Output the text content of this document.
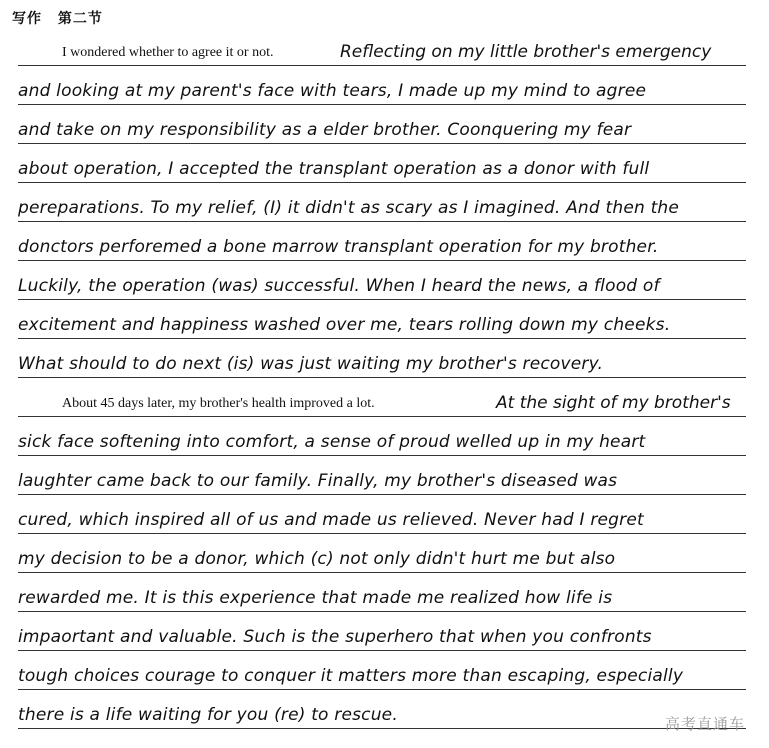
写作 第二节
I wondered whether to agree it or not.	Reflecting on my little brother's emergency
and looking at my parent's face with tears, I made up my mind to agree
and take on my responsibility as a elder brother. Coonquering my fear
about operation, I accepted the transplant operation as a donor with full
pereparations. To my relief, (I) it didn't as scary as I imagined. And then the
donctors perforemed a bone marrow transplant operation for my brother.
Luckily, the operation (was) successful. When I heard the news, a flood of
excitement and happiness washed over me, tears rolling down my cheeks.
What should to do next (is) was just waiting my brother's recovery.
About 45 days later, my brother's health improved a lot.	At the sight of my brother's
sick face softening into comfort, a sense of proud welled up in my heart
laughter came back to our family. Finally, my brother's diseased was
cured, which inspired all of us and made us relieved. Never had I regret
my decision to be a donor, which (c) not only didn't hurt me but also
rewarded me. It is this experience that made me realized how life is
impaortant and valuable. Such is the superhero that when you confronts
tough choices courage to conquer it matters more than escaping, especially
there is a life waiting for you (re) to rescue.	高考直通车
